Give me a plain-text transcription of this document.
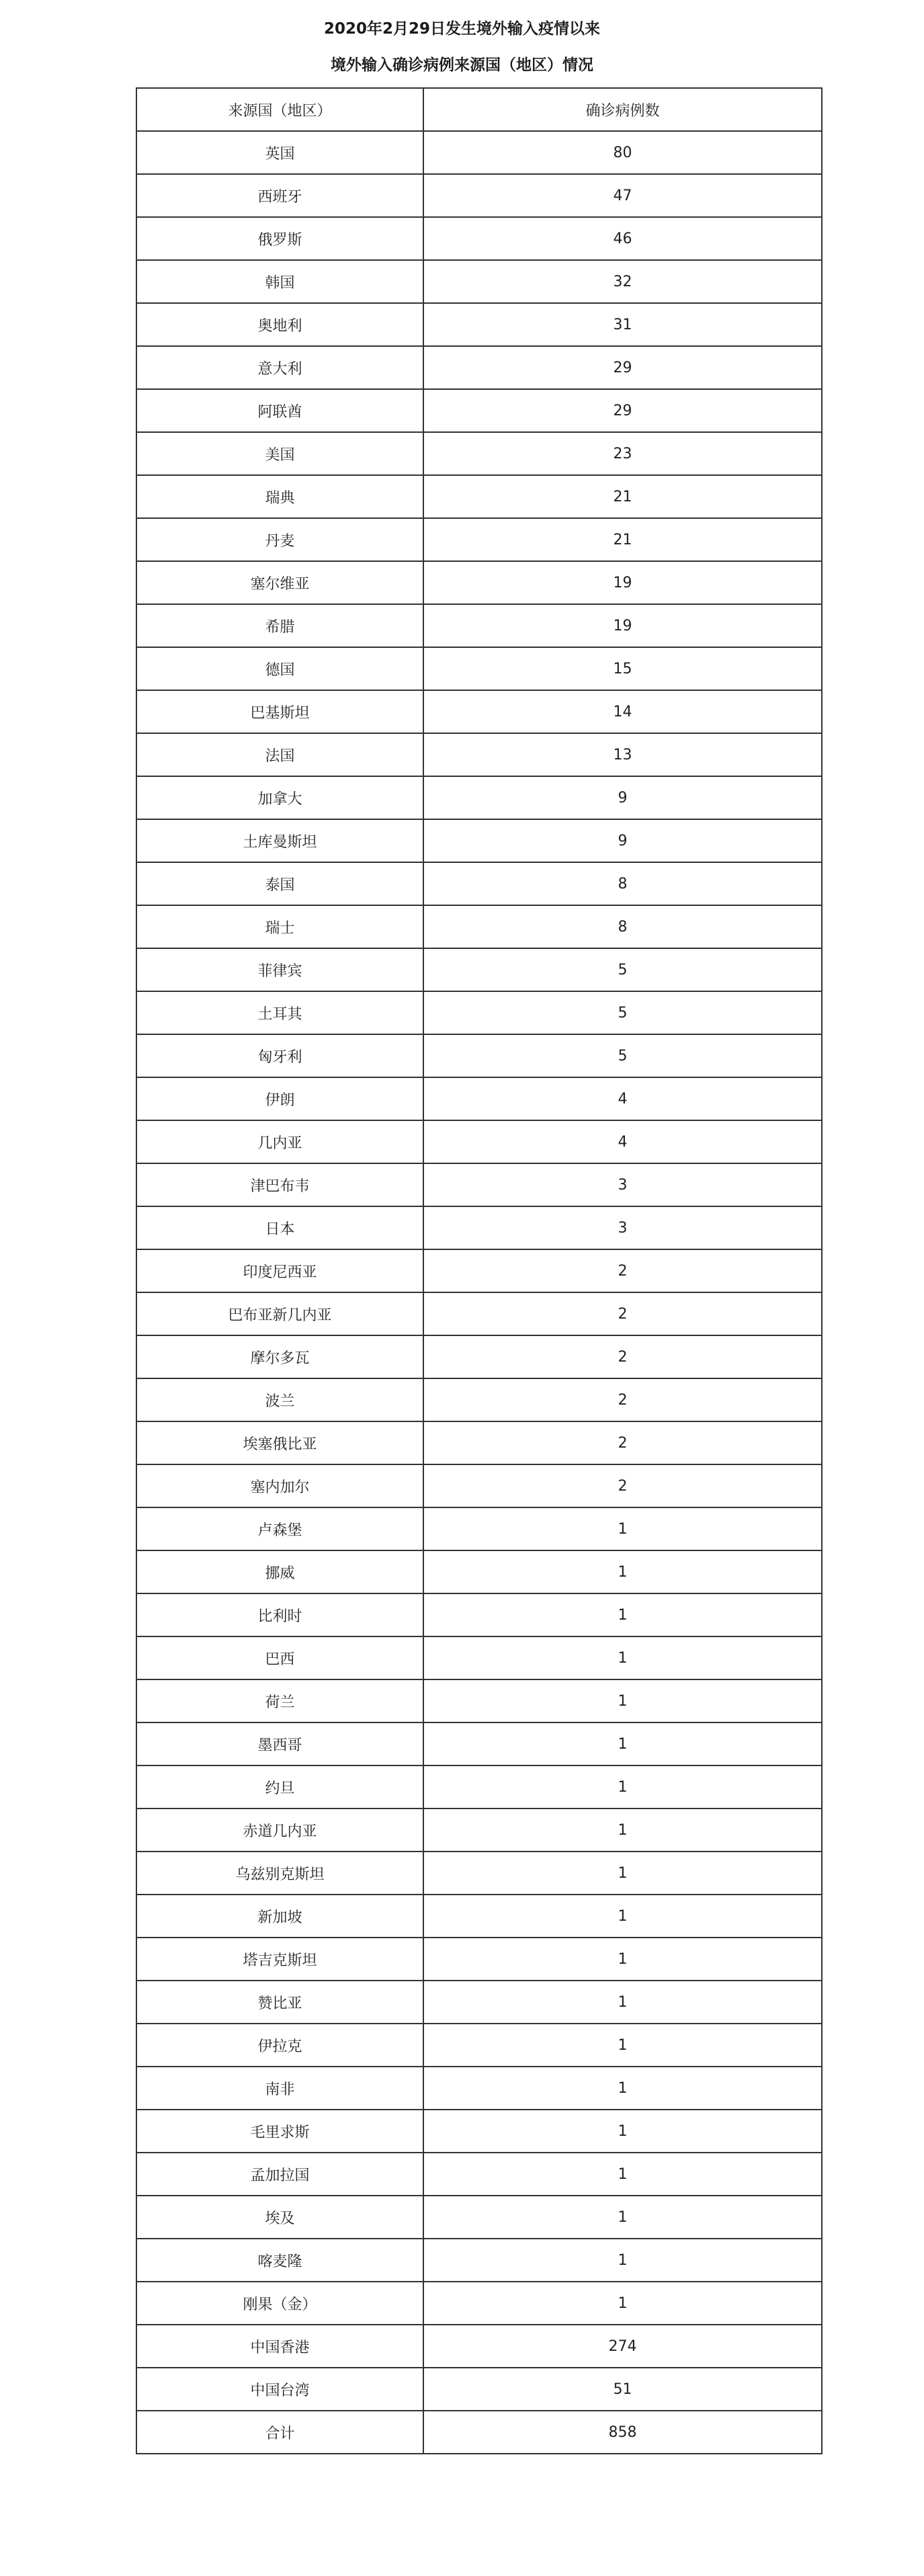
2020年2月29日发生境外输入疫情以来
境外输入确诊病例来源国（地区）情况
来源国（地区）	确诊病例数
英国	80
西班牙	47
俄罗斯	46
韩国	32
奥地利	31
意大利	29
阿联酋	29
美国	23
瑞典	21
丹麦	21
塞尔维亚	19
希腊	19
德国	15
巴基斯坦	14
法国	13
加拿大	9
土库曼斯坦	9
泰国	8
瑞士	8
菲律宾	5
土耳其	5
匈牙利	5
伊朗	4
几内亚	4
津巴布韦	3
日本	3
印度尼西亚	2
巴布亚新几内亚	2
摩尔多瓦	2
波兰	2
埃塞俄比亚	2
塞内加尔	2
卢森堡	1
挪威	1
比利时	1
巴西	1
荷兰	1
墨西哥	1
约旦	1
赤道几内亚	1
乌兹别克斯坦	1
新加坡	1
塔吉克斯坦	1
赞比亚	1
伊拉克	1
南非	1
毛里求斯	1
孟加拉国	1
埃及	1
喀麦隆	1
刚果（金）	1
中国香港	274
中国台湾	51
合计	858
